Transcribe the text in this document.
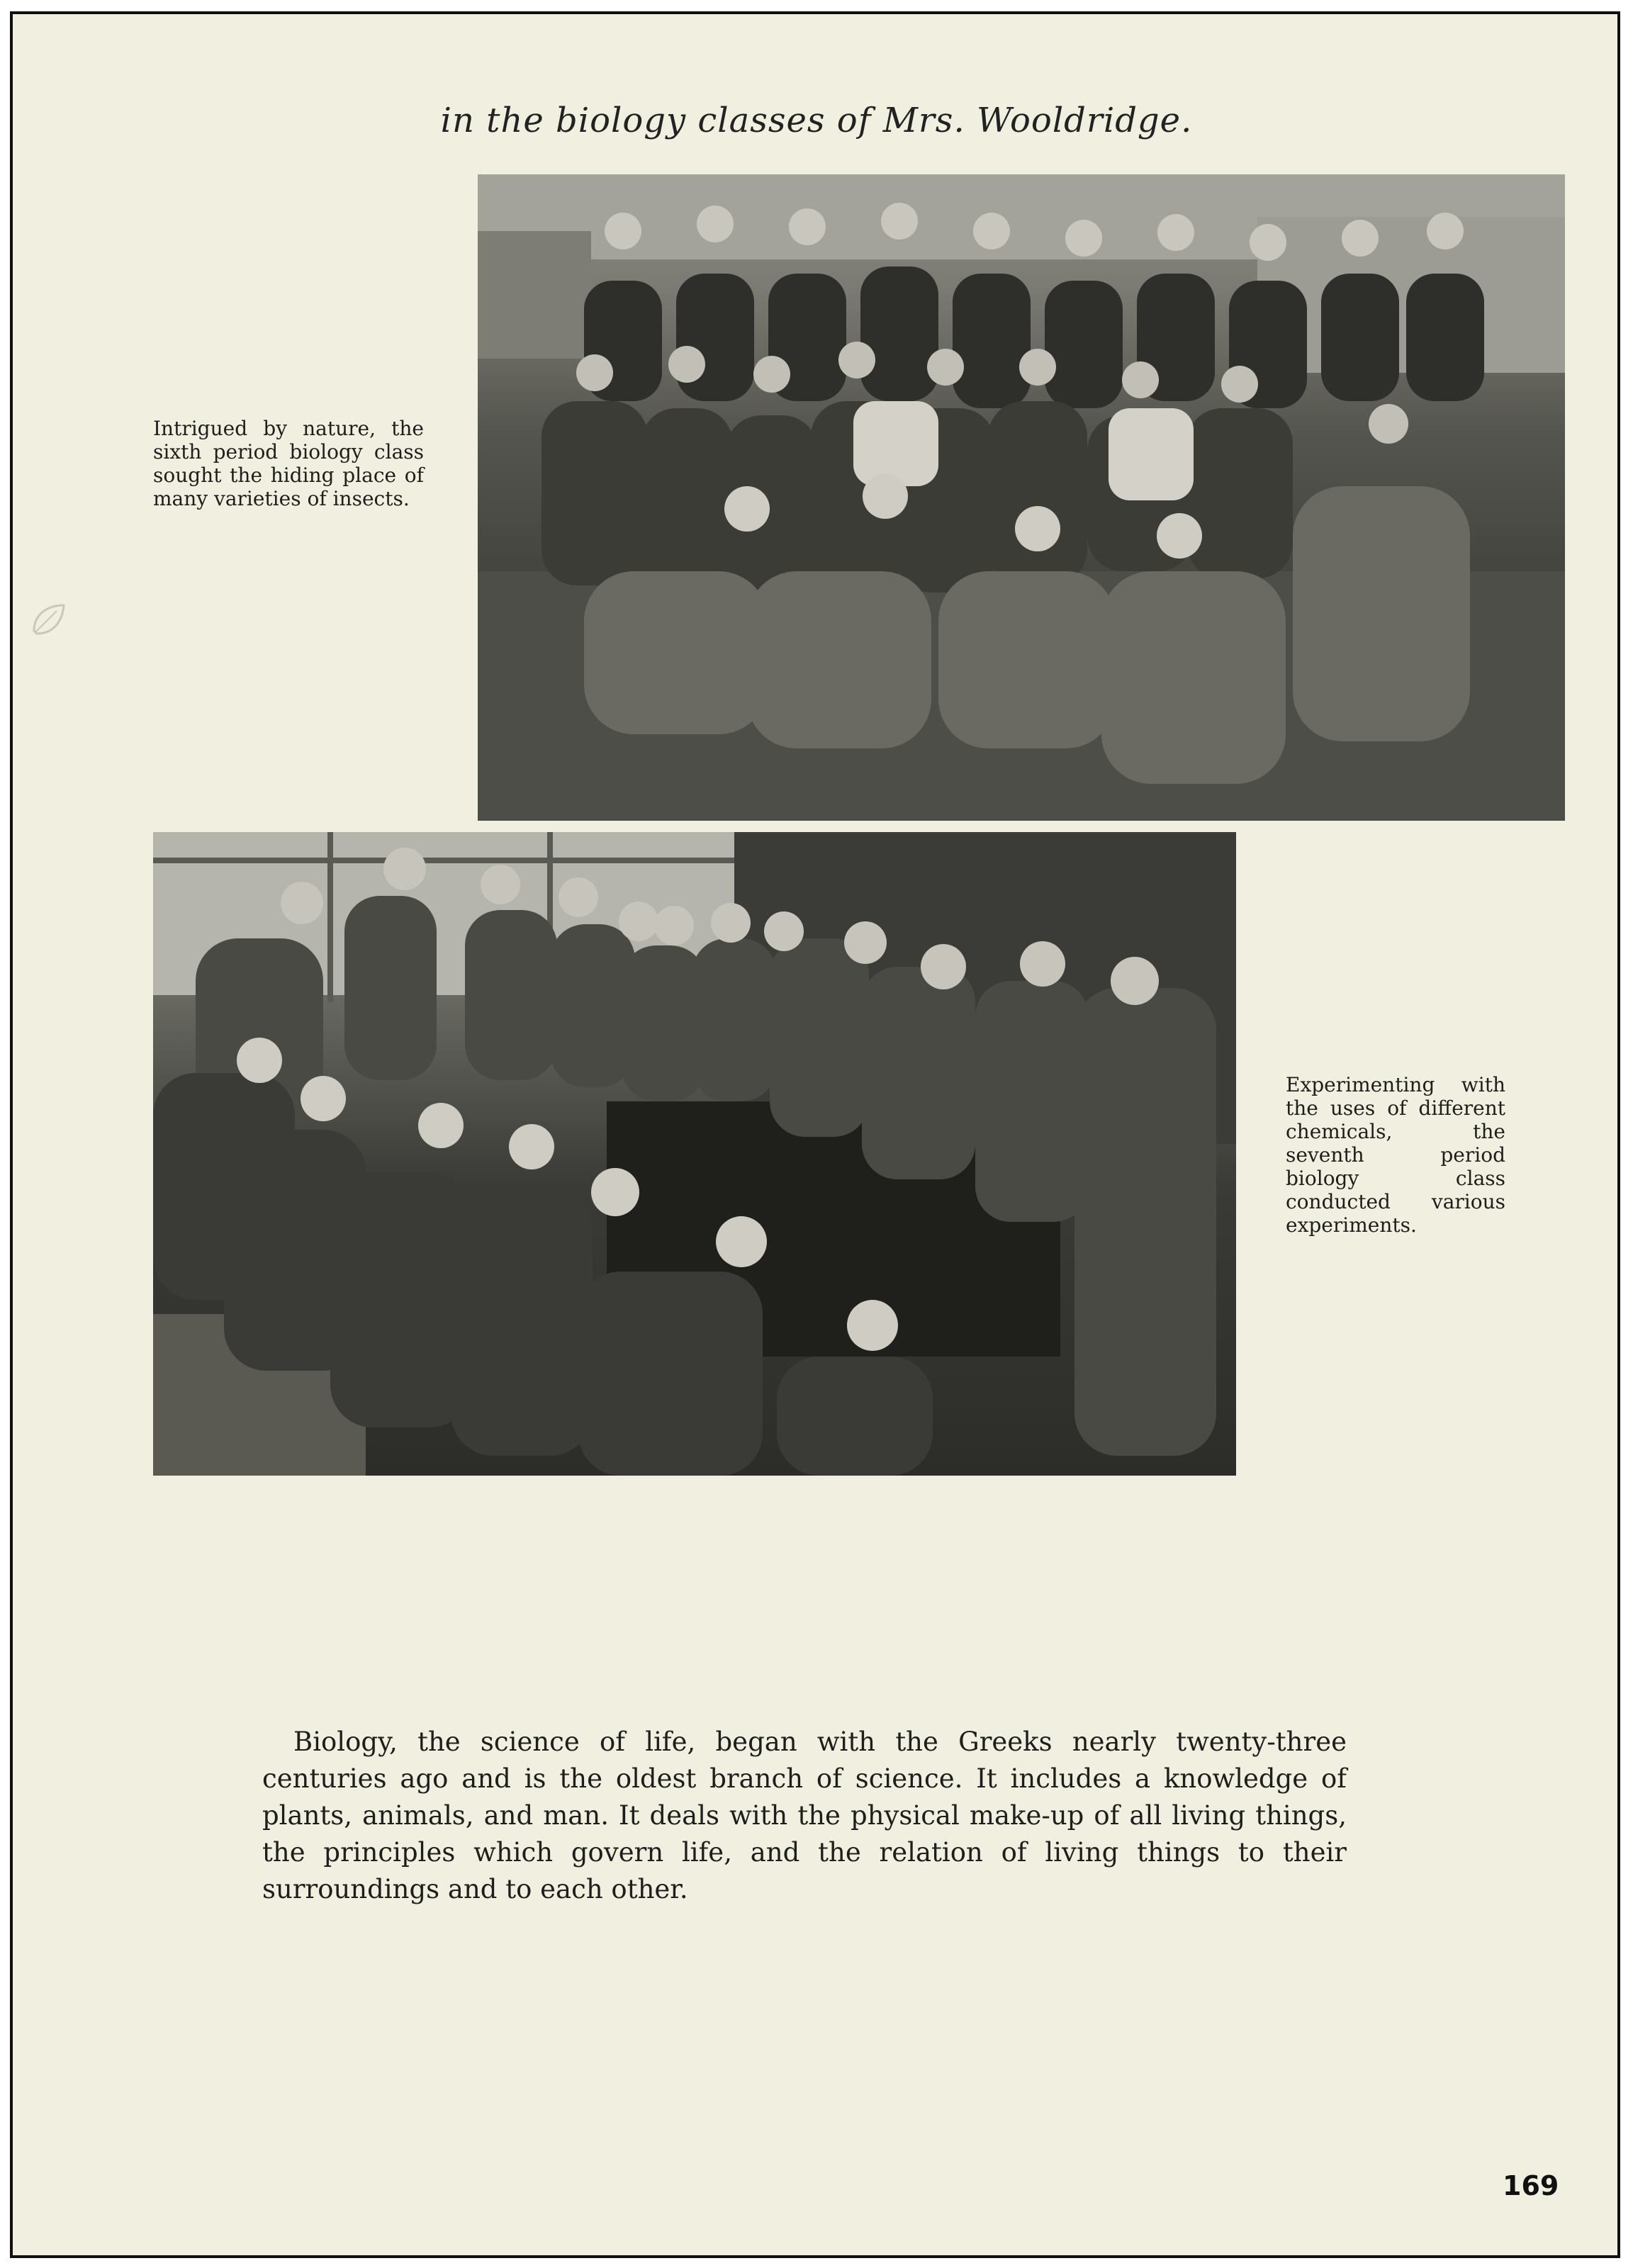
in the biology classes of Mrs. Wooldridge.
Intrigued by nature, the sixth period biology class sought the hiding place of many varieties of insects.
Experimenting with the uses of different chemicals, the seventh period biology class conducted various experiments.
Biology, the science of life, began with the Greeks nearly twenty-three centuries ago and is the oldest branch of science. It includes a knowledge of plants, animals, and man. It deals with the physical make-up of all living things, the principles which govern life, and the relation of living things to their surroundings and to each other.
169
